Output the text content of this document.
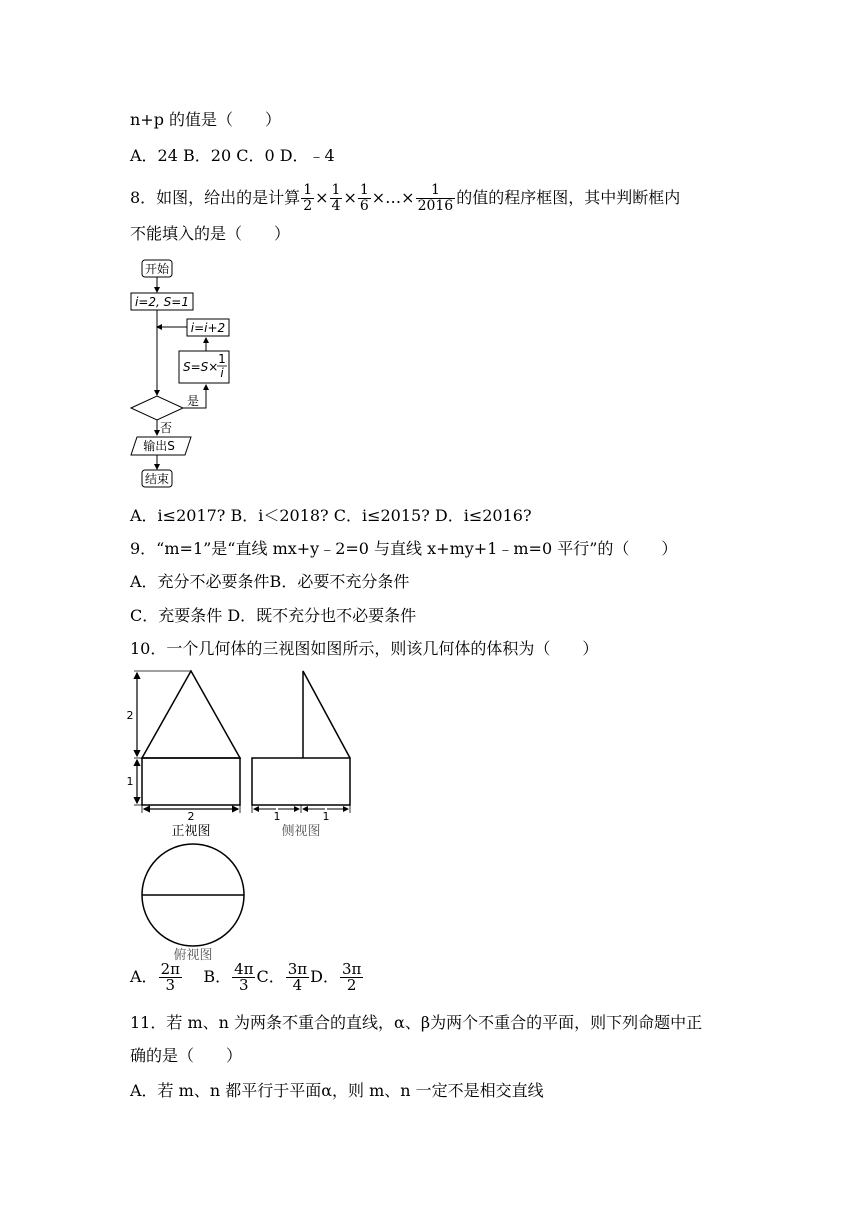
n+p 的值是（　　）
A．24 B．20 C．0 D．﹣4
8．如图，给出的是计算 $\frac{1}{2} \times \frac{1}{4} \times \frac{1}{6}$ ×…× $\frac{1}{2016}$ 的值的程序框图，其中判断框内
不能填入的是（　　）
开始
i=2, S=1
i=i+2
S=S×
1
i
是
否
输出S
结束
A．i≤2017? B．i＜2018? C．i≤2015? D．i≤2016?
9．“m=1”是“直线 mx+y﹣2=0 与直线 x+my+1﹣m=0 平行”的（　　）
A．充分不必要条件B．必要不充分条件
C．充要条件 D．既不充分也不必要条件
10．一个几何体的三视图如图所示，则该几何体的体积为（　　）
2
1
2
正视图
1	1
侧视图
俯视图
A． $\frac{2\pi}{3}$ B． $\frac{4\pi}{3}$ C． $\frac{3\pi}{4}$ D． $\frac{3\pi}{2}$
11．若 m、n 为两条不重合的直线，α、β为两个不重合的平面，则下列命题中正
确的是（　　）
A．若 m、n 都平行于平面α，则 m、n 一定不是相交直线
